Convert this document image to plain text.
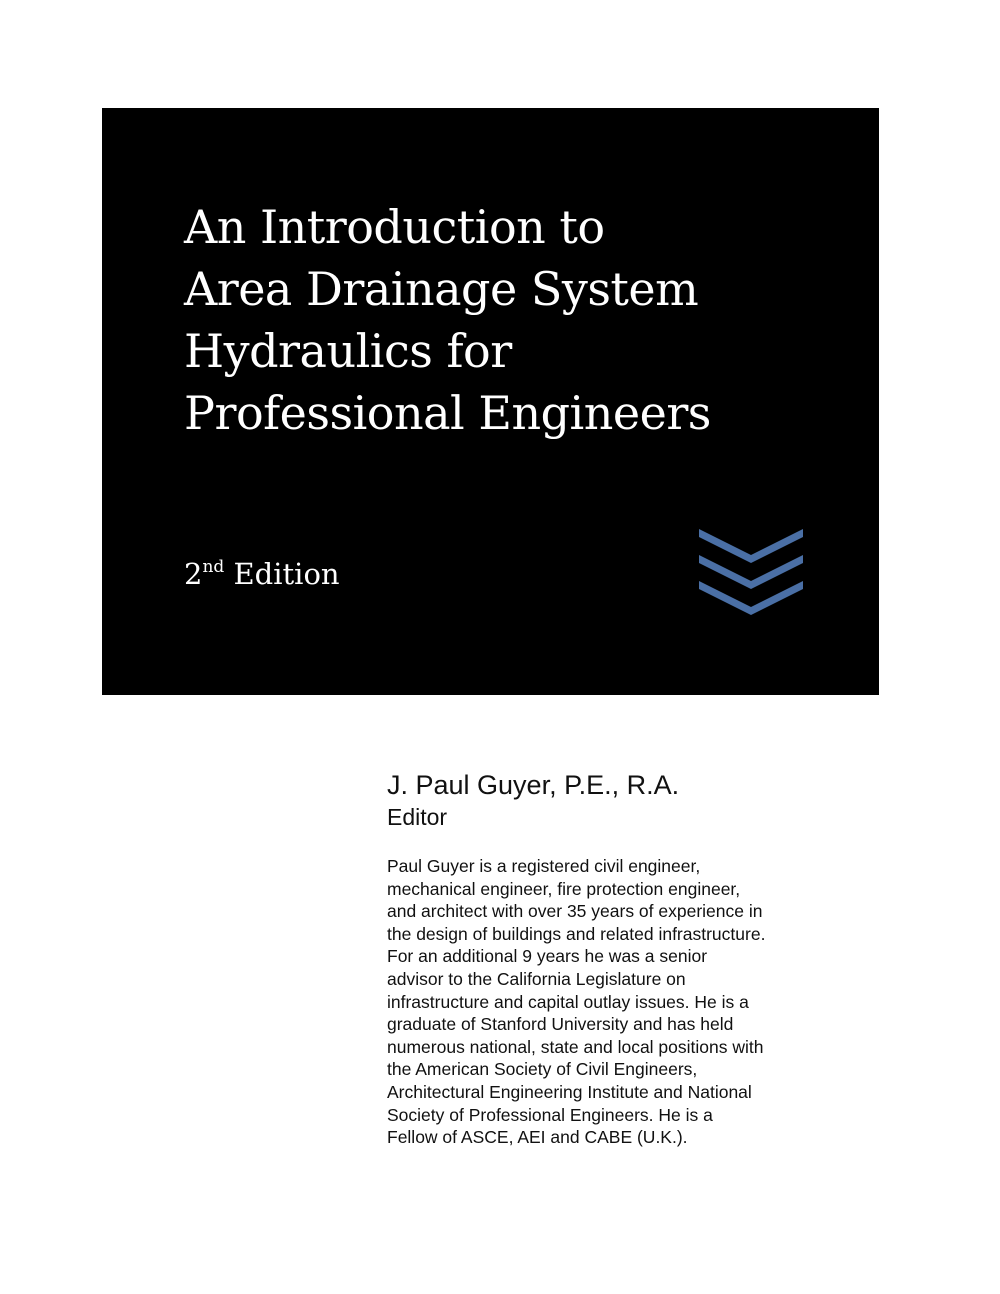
An Introduction to
Area Drainage System
Hydraulics for
Professional Engineers
2nd Edition
J. Paul Guyer, P.E., R.A.
Editor
Paul Guyer is a registered civil engineer,
mechanical engineer, fire protection engineer,
and architect with over 35 years of experience in
the design of buildings and related infrastructure.
For an additional 9 years he was a senior
advisor to the California Legislature on
infrastructure and capital outlay issues. He is a
graduate of Stanford University and has held
numerous national, state and local positions with
the American Society of Civil Engineers,
Architectural Engineering Institute and National
Society of Professional Engineers. He is a
Fellow of ASCE, AEI and CABE (U.K.).
